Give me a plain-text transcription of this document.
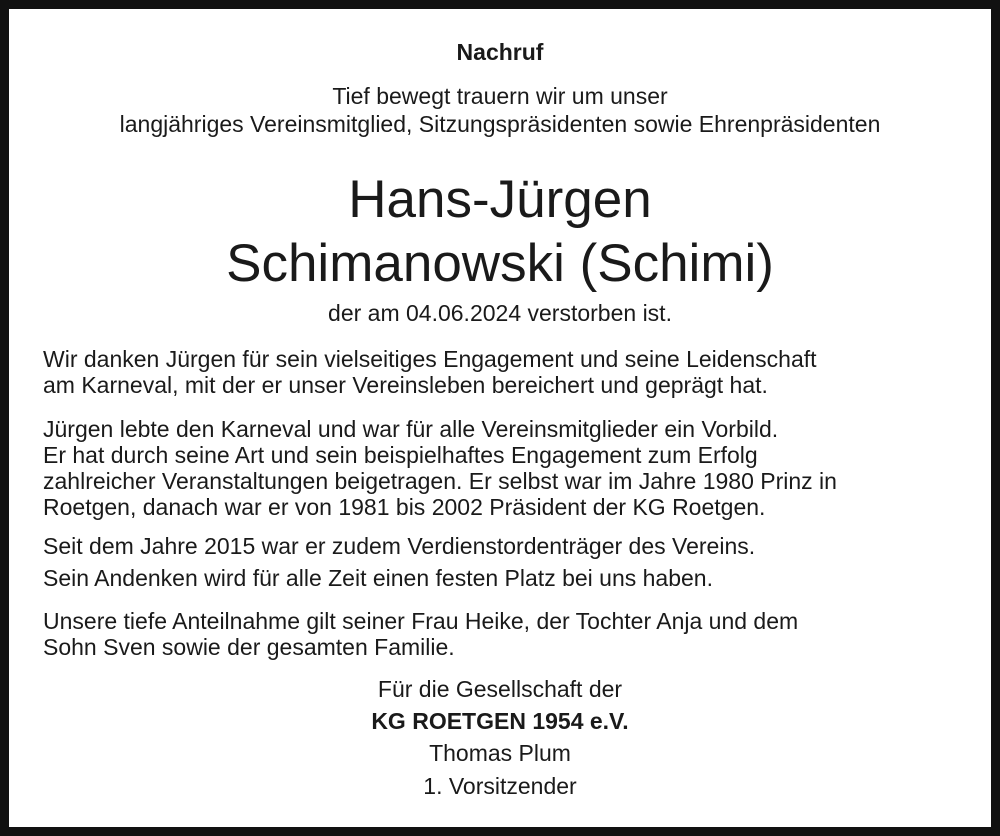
Nachruf
Tief bewegt trauern wir um unser
langjähriges Vereinsmitglied, Sitzungspräsidenten sowie Ehrenpräsidenten
Hans-Jürgen
Schimanowski (Schimi)
der am 04.06.2024 verstorben ist.
Wir danken Jürgen für sein vielseitiges Engagement und seine Leidenschaft
am Karneval, mit der er unser Vereinsleben bereichert und geprägt hat.
Jürgen lebte den Karneval und war für alle Vereinsmitglieder ein Vorbild.
Er hat durch seine Art und sein beispielhaftes Engagement zum Erfolg
zahlreicher Veranstaltungen beigetragen. Er selbst war im Jahre 1980 Prinz in
Roetgen, danach war er von 1981 bis 2002 Präsident der KG Roetgen.
Seit dem Jahre 2015 war er zudem Verdienstordenträger des Vereins.
Sein Andenken wird für alle Zeit einen festen Platz bei uns haben.
Unsere tiefe Anteilnahme gilt seiner Frau Heike, der Tochter Anja und dem
Sohn Sven sowie der gesamten Familie.
Für die Gesellschaft der
KG ROETGEN 1954 e.V.
Thomas Plum
1. Vorsitzender
